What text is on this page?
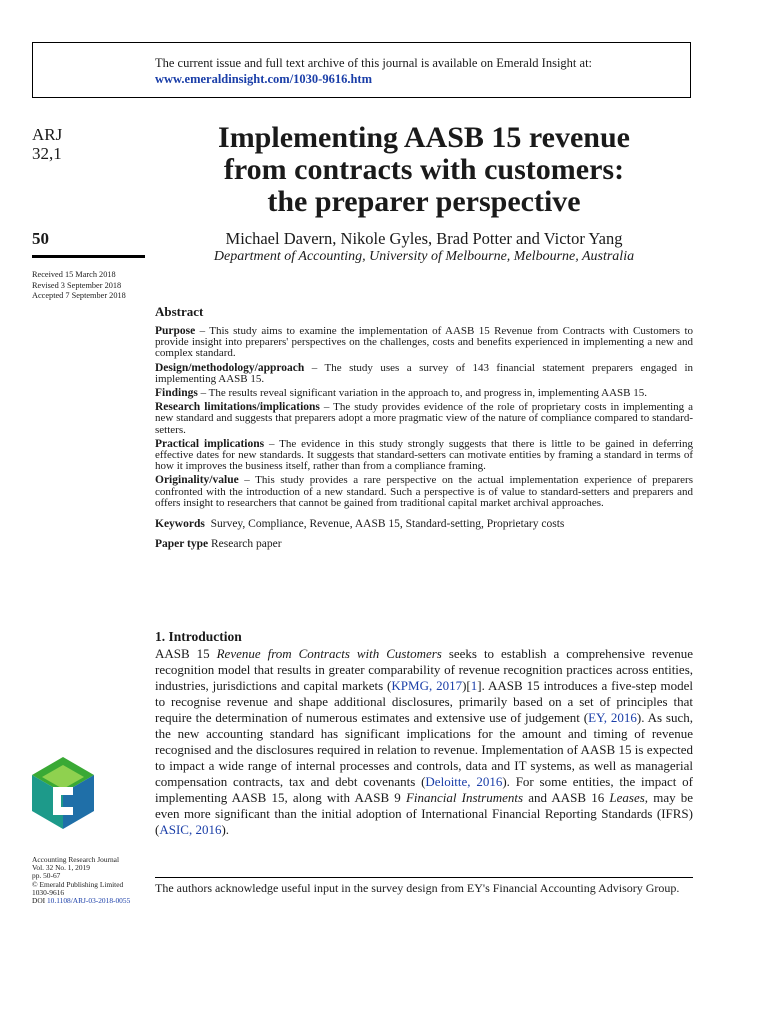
The current issue and full text archive of this journal is available on Emerald Insight at:
www.emeraldinsight.com/1030-9616.htm
ARJ
32,1
50
Received 15 March 2018
Revised 3 September 2018
Accepted 7 September 2018
Implementing AASB 15 revenue
from contracts with customers:
the preparer perspective
Michael Davern, Nikole Gyles, Brad Potter and Victor Yang
Department of Accounting, University of Melbourne, Melbourne, Australia
Abstract

Purpose – This study aims to examine the implementation of AASB 15 Revenue from Contracts with Customers to provide insight into preparers' perspectives on the challenges, costs and benefits experienced in implementing a new and complex standard.

Design/methodology/approach – The study uses a survey of 143 financial statement preparers engaged in implementing AASB 15.

Findings – The results reveal significant variation in the approach to, and progress in, implementing AASB 15.

Research limitations/implications – The study provides evidence of the role of proprietary costs in implementing a new standard and suggests that preparers adopt a more pragmatic view of the nature of compliance compared to standard-setters.

Practical implications – The evidence in this study strongly suggests that there is little to be gained in deferring effective dates for new standards. It suggests that standard-setters can motivate entities by framing a standard in terms of how it improves the business itself, rather than from a compliance framing.

Originality/value – This study provides a rare perspective on the actual implementation experience of preparers confronted with the introduction of a new standard. Such a perspective is of value to standard-setters and preparers and offers insight to researchers that cannot be gained from traditional capital market archival approaches.

Keywords Survey, Compliance, Revenue, AASB 15, Standard-setting, Proprietary costs
Paper type Research paper
1. Introduction
AASB 15 Revenue from Contracts with Customers seeks to establish a comprehensive revenue recognition model that results in greater comparability of revenue recognition practices across entities, industries, jurisdictions and capital markets (KPMG, 2017)[1]. AASB 15 introduces a five-step model to recognise revenue and shape additional disclosures, primarily based on a set of principles that require the determination of numerous estimates and extensive use of judgement (EY, 2016). As such, the new accounting standard has significant implications for the amount and timing of revenue recognised and the disclosures required in relation to revenue. Implementation of AASB 15 is expected to impact a wide range of internal processes and controls, data and IT systems, as well as managerial compensation contracts, tax and debt covenants (Deloitte, 2016). For some entities, the impact of implementing AASB 15, along with AASB 9 Financial Instruments and AASB 16 Leases, may be even more significant than the initial adoption of International Financial Reporting Standards (IFRS) (ASIC, 2016).
Accounting Research Journal
Vol. 32 No. 1, 2019
pp. 50-67
© Emerald Publishing Limited
1030-9616
DOI 10.1108/ARJ-03-2018-0055
The authors acknowledge useful input in the survey design from EY's Financial Accounting Advisory Group.
